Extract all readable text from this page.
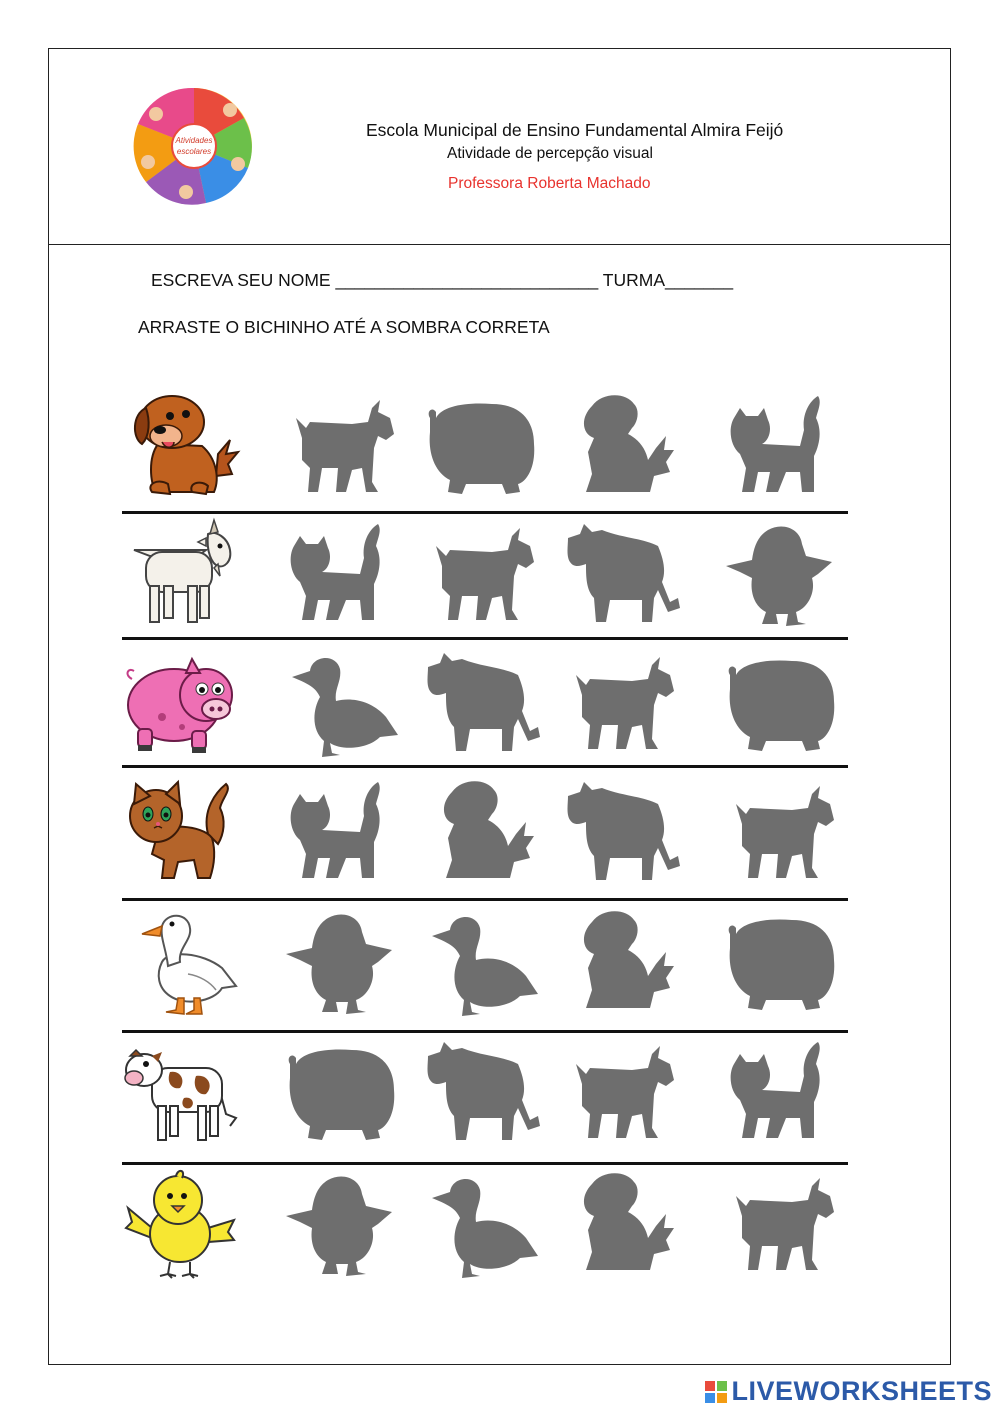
Atividades
escolares
Escola Municipal de Ensino Fundamental Almira Feijó
Atividade de percepção visual
Professora Roberta Machado
ESCREVA SEU NOME ___________________________ TURMA_______
ARRASTE O BICHINHO ATÉ A SOMBRA CORRETA
LIVEWORKSHEETS
